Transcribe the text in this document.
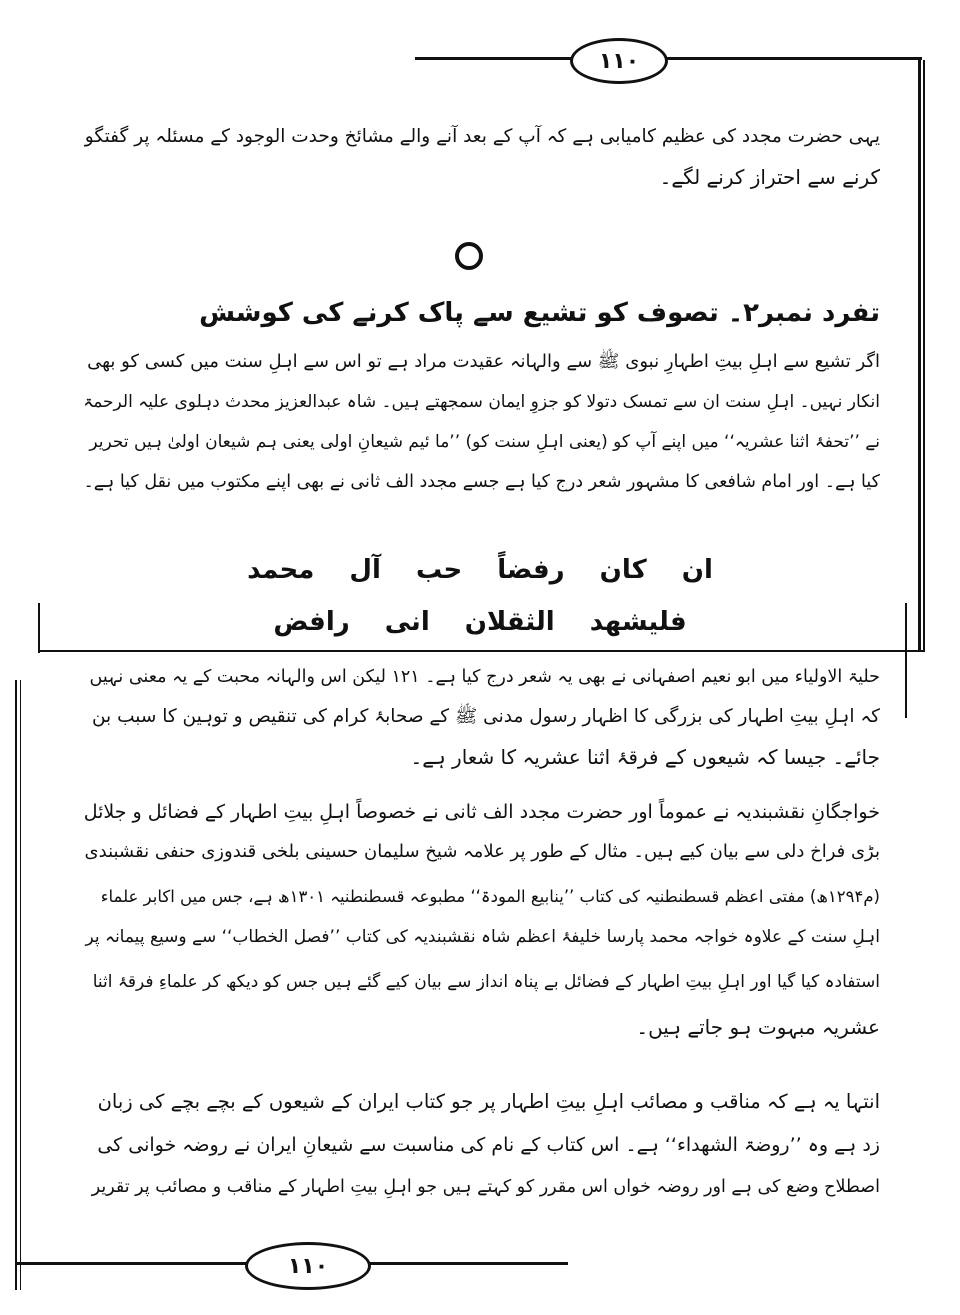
١١٠
یہی حضرت مجدد کی عظیم کامیابی ہے کہ آپ کے بعد آنے والے مشائخ وحدت الوجود کے مسئلہ پر گفتگو
کرنے سے احتراز کرنے لگے۔
تفرد نمبر۲۔ تصوف کو تشیع سے پاک کرنے کی کوشش
اگر تشیع سے اہلِ بیتِ اطہارِ نبوی ﷺ سے والہانہ عقیدت مراد ہے تو اس سے اہلِ سنت میں کسی کو بھی
انکار نہیں۔ اہلِ سنت ان سے تمسک دتولا کو جزوِ ایمان سمجھتے ہیں۔ شاہ عبدالعزیز محدث دہلوی علیہ الرحمۃ
نے ’’تحفۂ اثنا عشریہ‘‘ میں اپنے آپ کو (یعنی اہلِ سنت کو) ’’ما ئیم شیعانِ اولی یعنی ہم شیعان اولیٰ ہیں تحریر
کیا ہے۔ اور امام شافعی کا مشہور شعر درج کیا ہے جسے مجدد الف ثانی نے بھی اپنے مکتوب میں نقل کیا ہے۔
ان کان رفضاً حب آل محمد
فلیشھد الثقلان انی رافض
حلیۃ الاولیاء میں ابو نعیم اصفہانی نے بھی یہ شعر درج کیا ہے۔ ۱۲۱ لیکن اس والہانہ محبت کے یہ معنی نہیں
کہ اہلِ بیتِ اطہار کی بزرگی کا اظہار رسول مدنی ﷺ کے صحابۂ کرام کی تنقیص و توہین کا سبب بن
جائے۔ جیسا کہ شیعوں کے فرقۂ اثنا عشریہ کا شعار ہے۔
خواجگانِ نقشبندیہ نے عموماً اور حضرت مجدد الف ثانی نے خصوصاً اہلِ بیتِ اطہار کے فضائل و جلائل
بڑی فراخ دلی سے بیان کیے ہیں۔ مثال کے طور پر علامہ شیخ سلیمان حسینی بلخی قندوزی حنفی نقشبندی
(م۱۲۹۴ھ) مفتی اعظم قسطنطنیہ کی کتاب ’’ینابیع المودۃ‘‘ مطبوعہ قسطنطنیہ ۱۳۰۱ھ ہے، جس میں اکابر علماء
اہلِ سنت کے علاوہ خواجہ محمد پارسا خلیفۂ اعظم شاہ نقشبندیہ کی کتاب ’’فصل الخطاب‘‘ سے وسیع پیمانہ پر
استفادہ کیا گیا اور اہلِ بیتِ اطہار کے فضائل بے پناہ انداز سے بیان کیے گئے ہیں جس کو دیکھ کر علماءِ فرقۂ اثنا
عشریہ مبہوت ہو جاتے ہیں۔
انتہا یہ ہے کہ مناقب و مصائب اہلِ بیتِ اطہار پر جو کتاب ایران کے شیعوں کے بچے بچے کی زبان
زد ہے وہ ’’روضۃ الشھداء‘‘ ہے۔ اس کتاب کے نام کی مناسبت سے شیعانِ ایران نے روضہ خوانی کی
اصطلاح وضع کی ہے اور روضہ خواں اس مقرر کو کہتے ہیں جو اہلِ بیتِ اطہار کے مناقب و مصائب پر تقریر
١١٠
